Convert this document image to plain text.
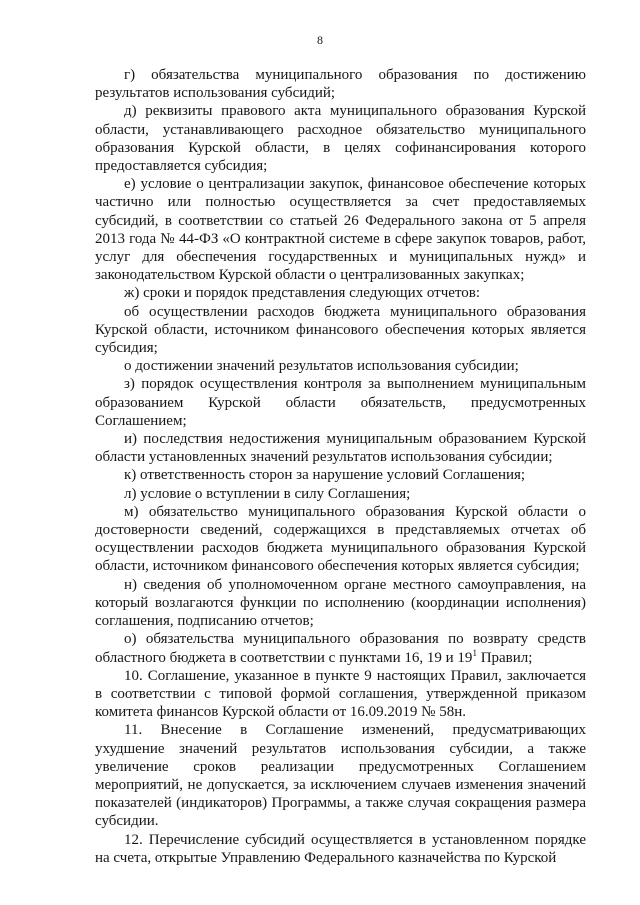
8

г) обязательства муниципального образования по достижению результатов использования субсидий;

д) реквизиты правового акта муниципального образования Курской области, устанавливающего расходное обязательство муниципального образования Курской области, в целях софинансирования которого предоставляется субсидия;

е) условие о централизации закупок, финансовое обеспечение которых частично или полностью осуществляется за счет предоставляемых субсидий, в соответствии со статьей 26 Федерального закона от 5 апреля 2013 года № 44-ФЗ «О контрактной системе в сфере закупок товаров, работ, услуг для обеспечения государственных и муниципальных нужд» и законодательством Курской области о централизованных закупках;

ж) сроки и порядок представления следующих отчетов:

об осуществлении расходов бюджета муниципального образования Курской области, источником финансового обеспечения которых является субсидия;

о достижении значений результатов использования субсидии;

з) порядок осуществления контроля за выполнением муниципальным образованием Курской области обязательств, предусмотренных Соглашением;

и) последствия недостижения муниципальным образованием Курской области установленных значений результатов использования субсидии;

к) ответственность сторон за нарушение условий Соглашения;

л) условие о вступлении в силу Соглашения;

м) обязательство муниципального образования Курской области о достоверности сведений, содержащихся в представляемых отчетах об осуществлении расходов бюджета муниципального образования Курской области, источником финансового обеспечения которых является субсидия;

н) сведения об уполномоченном органе местного самоуправления, на который возлагаются функции по исполнению (координации исполнения) соглашения, подписанию отчетов;

о) обязательства муниципального образования по возврату средств областного бюджета в соответствии с пунктами 16, 19 и $19^1$ Правил;

10. Соглашение, указанное в пункте 9 настоящих Правил, заключается в соответствии с типовой формой соглашения, утвержденной приказом комитета финансов Курской области от 16.09.2019 № 58н.

11. Внесение в Соглашение изменений, предусматривающих ухудшение значений результатов использования субсидии, а также увеличение сроков реализации предусмотренных Соглашением мероприятий, не допускается, за исключением случаев изменения значений показателей (индикаторов) Программы, а также случая сокращения размера субсидии.

12. Перечисление субсидий осуществляется в установленном порядке на счета, открытые Управлению Федерального казначейства по Курской
